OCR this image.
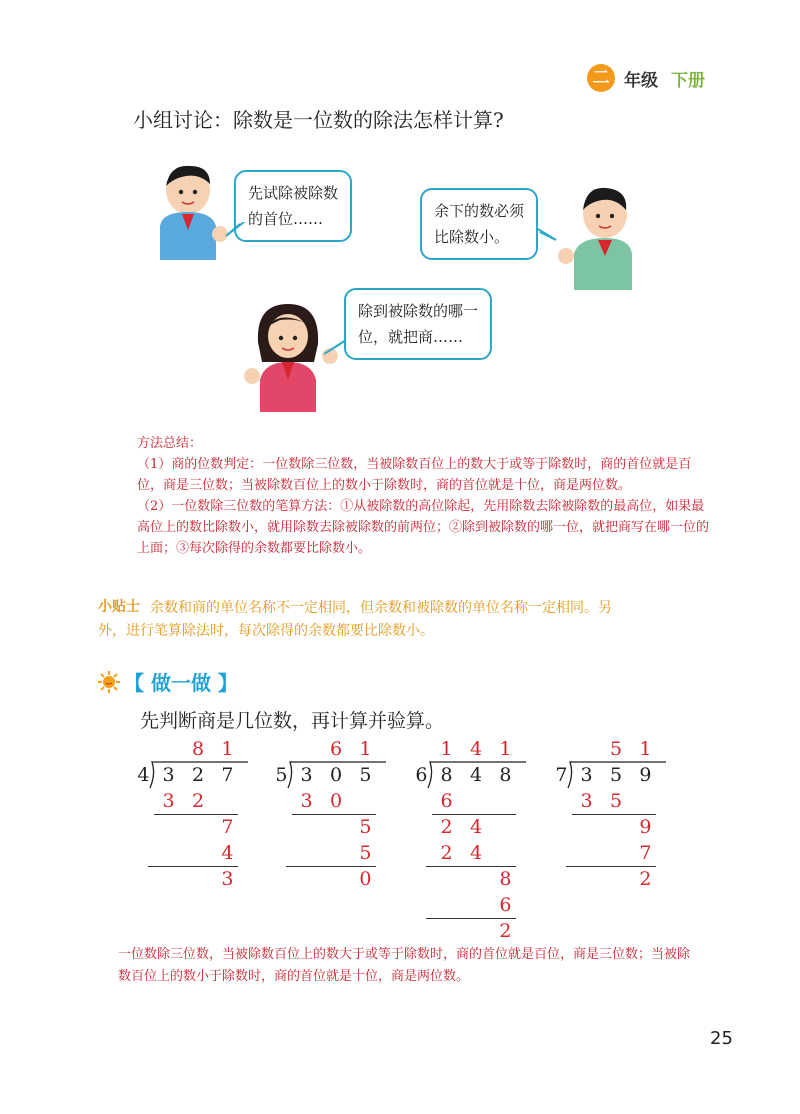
二 年级 下册
小组讨论：除数是一位数的除法怎样计算?
先试除被除数
的首位……	余下的数必须
比除数小。
除到被除数的哪一
位，就把商……

方法总结：

（1）商的位数判定：一位数除三位数，当被除数百位上的数大于或等于除数时，商的首位就是百位，商是三位数；当被除数百位上的数小于除数时，商的首位就是十位，商是两位数。

（2）一位数除三位数的笔算方法：①从被除数的高位除起，先用除数去除被除数的最高位，如果最高位上的数比除数小，就用除数去除被除数的前两位；②除到被除数的哪一位，就把商写在哪一位的上面；③每次除得的余数都要比除数小。

小贴士 余数和商的单位名称不一定相同，但余数和被除数的单位名称一定相同。另
外，进行笔算除法时，每次除得的余数都要比除数小。
【 做一做 】
先判断商是几位数，再计算并验算。
4 3 2 7
8 1
3 2
7
4
3
5 3 0 5
6 1
3 0
5
5
0
6 8 4 8
1 4 1
6
2 4
2 4
8
6
2
7 3 5 9
5 1
3 5
9
7
2
一位数除三位数，当被除数百位上的数大于或等于除数时，商的首位就是百位，商是三位数；当被除数百位上的数小于除数时，商的首位就是十位，商是两位数。
25
